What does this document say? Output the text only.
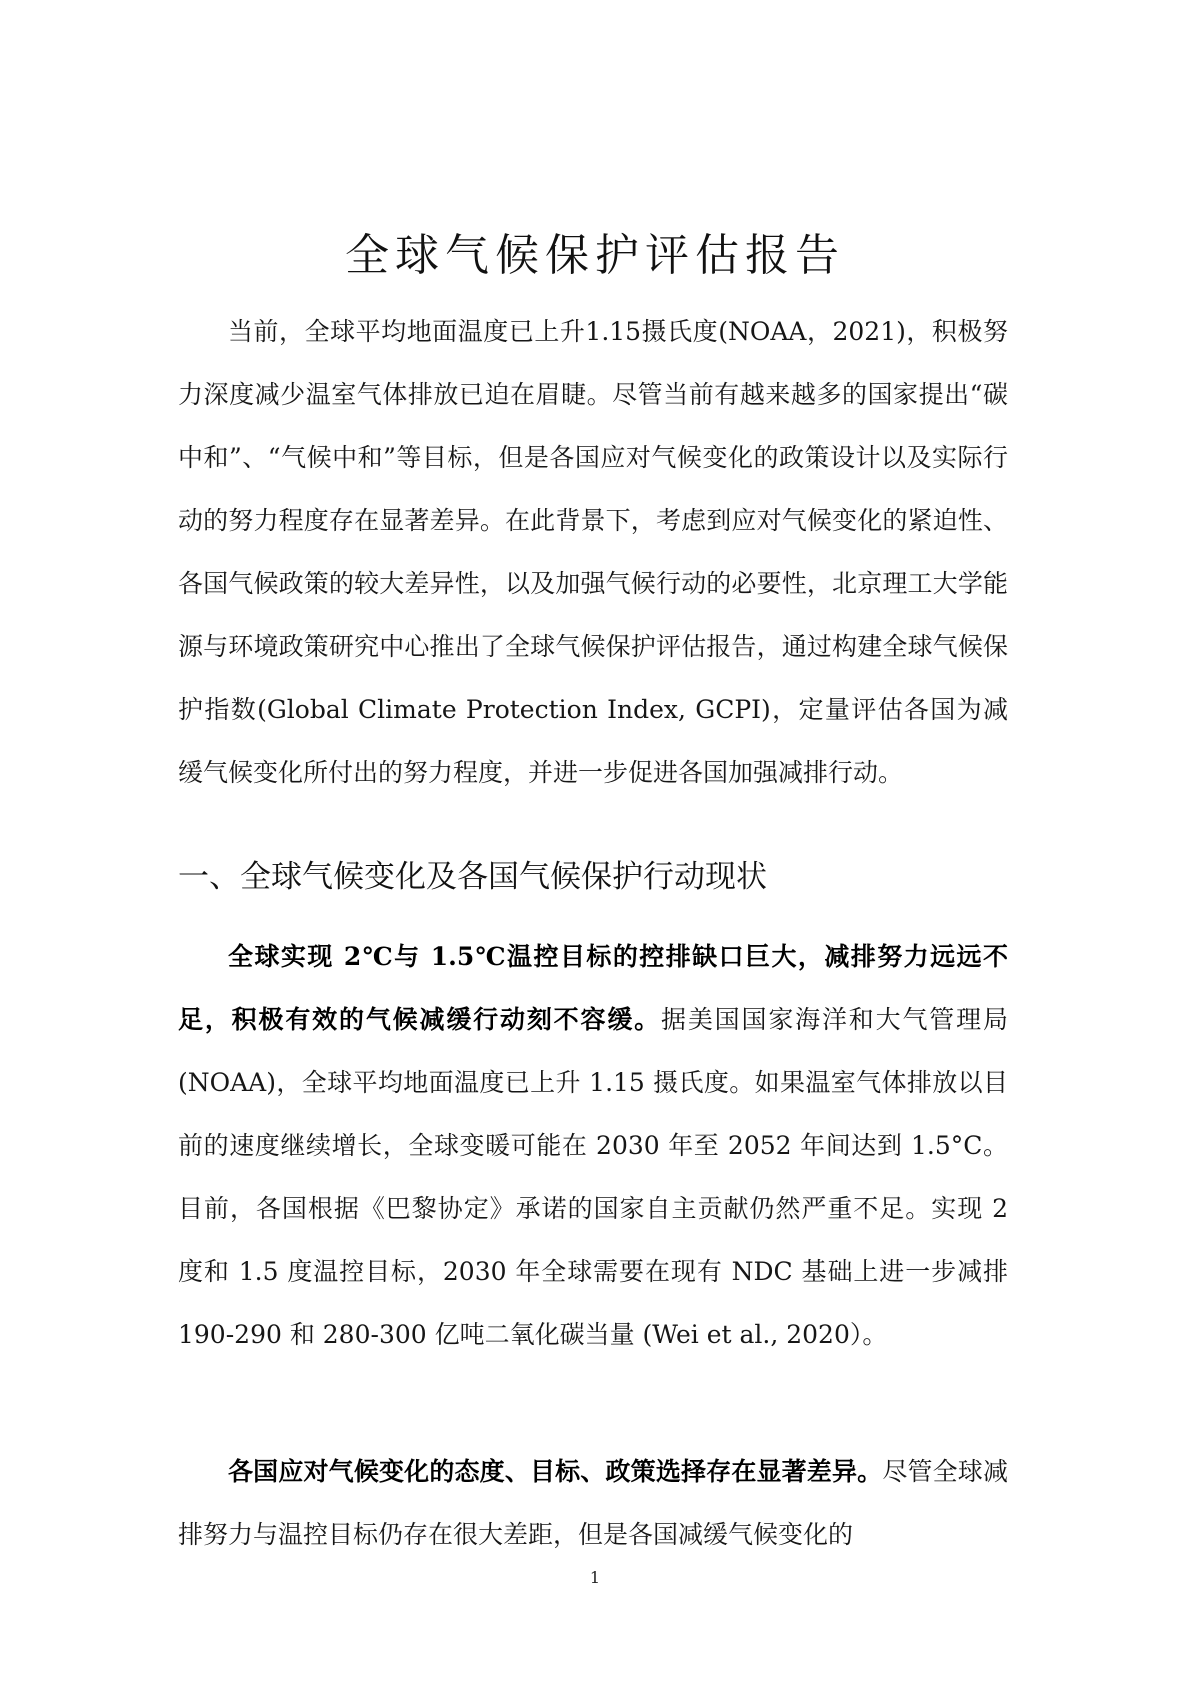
全球气候保护评估报告

当前，全球平均地面温度已上升1.15摄氏度(NOAA，2021)，积极努力深度减少温室气体排放已迫在眉睫。尽管当前有越来越多的国家提出“碳中和”、“气候中和”等目标，但是各国应对气候变化的政策设计以及实际行动的努力程度存在显著差异。在此背景下，考虑到应对气候变化的紧迫性、各国气候政策的较大差异性，以及加强气候行动的必要性，北京理工大学能源与环境政策研究中心推出了全球气候保护评估报告，通过构建全球气候保护指数(Global Climate Protection Index, GCPI)，定量评估各国为减缓气候变化所付出的努力程度，并进一步促进各国加强减排行动。

一、全球气候变化及各国气候保护行动现状

全球实现 2℃与 1.5℃温控目标的控排缺口巨大，减排努力远远不足，积极有效的气候减缓行动刻不容缓。据美国国家海洋和大气管理局(NOAA)，全球平均地面温度已上升 1.15 摄氏度。如果温室气体排放以目前的速度继续增长，全球变暖可能在 2030 年至 2052 年间达到 1.5°C。目前，各国根据《巴黎协定》承诺的国家自主贡献仍然严重不足。实现 2 度和 1.5 度温控目标，2030 年全球需要在现有 NDC 基础上进一步减排 190-290 和 280-300 亿吨二氧化碳当量 (Wei et al., 2020）。

各国应对气候变化的态度、目标、政策选择存在显著差异。尽管全球减排努力与温控目标仍存在很大差距，但是各国减缓气候变化的

1
